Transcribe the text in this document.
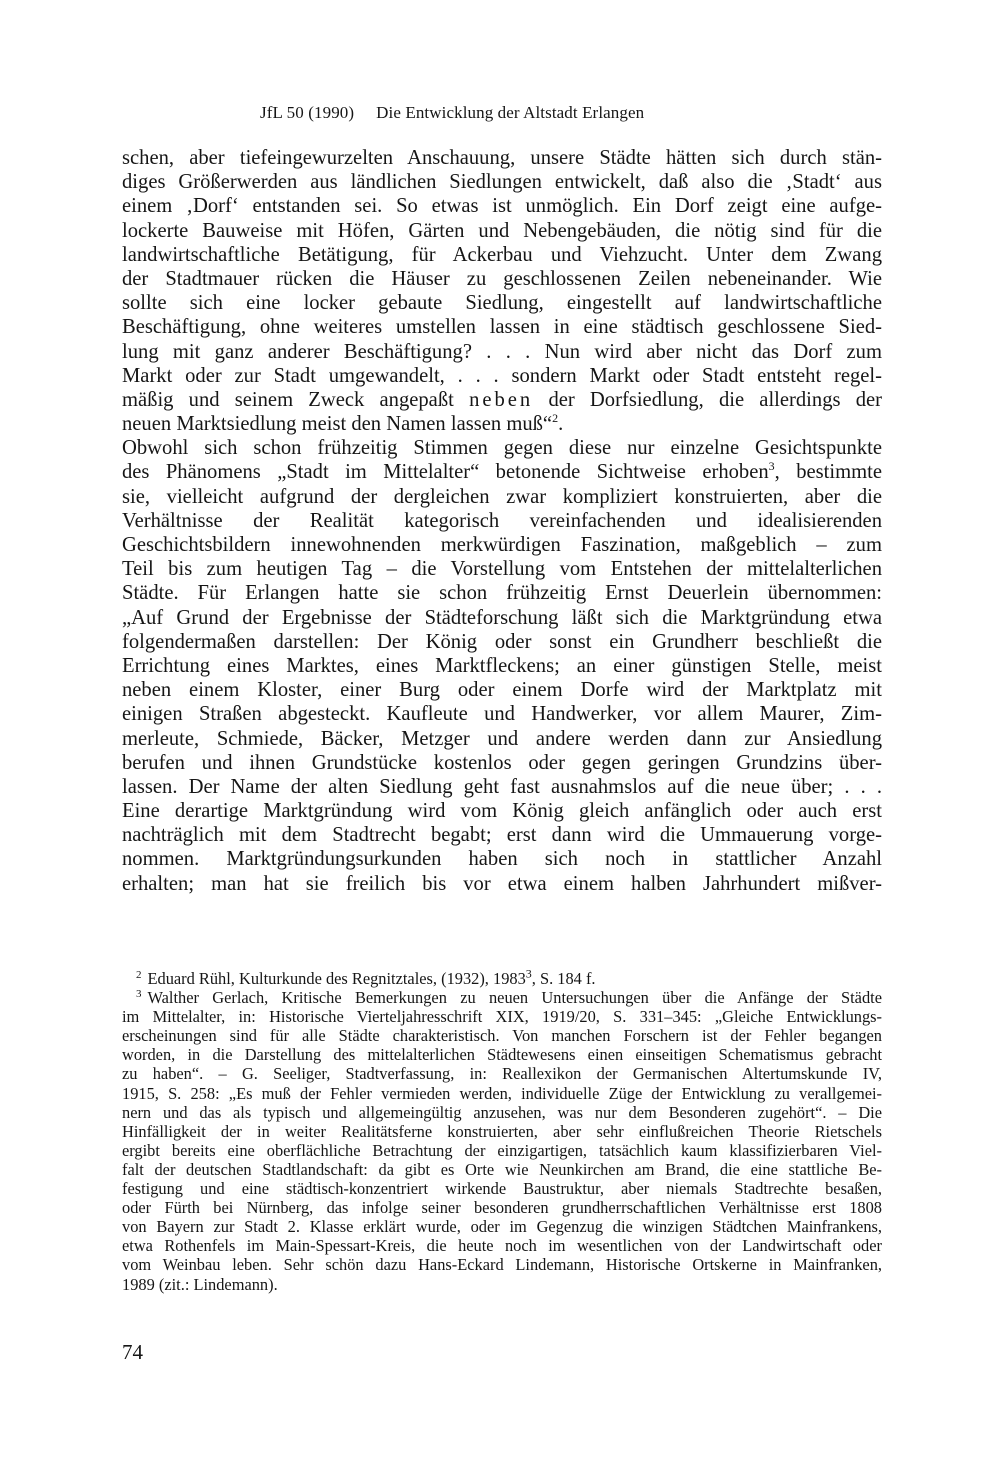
JfL 50 (1990) Die Entwicklung der Altstadt Erlangen
schen, aber tiefeingewurzelten Anschauung, unsere Städte hätten sich durch stän-
diges Größerwerden aus ländlichen Siedlungen entwickelt, daß also die ‚Stadt‘ aus
einem ‚Dorf‘ entstanden sei. So etwas ist unmöglich. Ein Dorf zeigt eine aufge-
lockerte Bauweise mit Höfen, Gärten und Nebengebäuden, die nötig sind für die
landwirtschaftliche Betätigung, für Ackerbau und Viehzucht. Unter dem Zwang
der Stadtmauer rücken die Häuser zu geschlossenen Zeilen nebeneinander. Wie
sollte sich eine locker gebaute Siedlung, eingestellt auf landwirtschaftliche
Beschäftigung, ohne weiteres umstellen lassen in eine städtisch geschlossene Sied-
lung mit ganz anderer Beschäftigung? . . . Nun wird aber nicht das Dorf zum
Markt oder zur Stadt umgewandelt, . . . sondern Markt oder Stadt entsteht regel-
mäßig und seinem Zweck angepaßt neben der Dorfsiedlung, die allerdings der
neuen Marktsiedlung meist den Namen lassen muß“$^2$.
Obwohl sich schon frühzeitig Stimmen gegen diese nur einzelne Gesichtspunkte
des Phänomens „Stadt im Mittelalter“ betonende Sichtweise erhoben$^3$, bestimmte
sie, vielleicht aufgrund der dergleichen zwar kompliziert konstruierten, aber die
Verhältnisse der Realität kategorisch vereinfachenden und idealisierenden
Geschichtsbildern innewohnenden merkwürdigen Faszination, maßgeblich – zum
Teil bis zum heutigen Tag – die Vorstellung vom Entstehen der mittelalterlichen
Städte. Für Erlangen hatte sie schon frühzeitig Ernst Deuerlein übernommen:
„Auf Grund der Ergebnisse der Städteforschung läßt sich die Marktgründung etwa
folgendermaßen darstellen: Der König oder sonst ein Grundherr beschließt die
Errichtung eines Marktes, eines Marktfleckens; an einer günstigen Stelle, meist
neben einem Kloster, einer Burg oder einem Dorfe wird der Marktplatz mit
einigen Straßen abgesteckt. Kaufleute und Handwerker, vor allem Maurer, Zim-
merleute, Schmiede, Bäcker, Metzger und andere werden dann zur Ansiedlung
berufen und ihnen Grundstücke kostenlos oder gegen geringen Grundzins über-
lassen. Der Name der alten Siedlung geht fast ausnahmslos auf die neue über; . . .
Eine derartige Marktgründung wird vom König gleich anfänglich oder auch erst
nachträglich mit dem Stadtrecht begabt; erst dann wird die Ummauerung vorge-
nommen. Marktgründungsurkunden haben sich noch in stattlicher Anzahl
erhalten; man hat sie freilich bis vor etwa einem halben Jahrhundert mißver-
$^2$ Eduard Rühl, Kulturkunde des Regnitztales, (1932), 1983$^3$, S. 184 f.
$^3$ Walther Gerlach, Kritische Bemerkungen zu neuen Untersuchungen über die Anfänge der Städte
im Mittelalter, in: Historische Vierteljahresschrift XIX, 1919/20, S. 331–345: „Gleiche Entwicklungs-
erscheinungen sind für alle Städte charakteristisch. Von manchen Forschern ist der Fehler begangen
worden, in die Darstellung des mittelalterlichen Städtewesens einen einseitigen Schematismus gebracht
zu haben“. – G. Seeliger, Stadtverfassung, in: Reallexikon der Germanischen Altertumskunde IV,
1915, S. 258: „Es muß der Fehler vermieden werden, individuelle Züge der Entwicklung zu verallgemei-
nern und das als typisch und allgemeingültig anzusehen, was nur dem Besonderen zugehört“. – Die
Hinfälligkeit der in weiter Realitätsferne konstruierten, aber sehr einflußreichen Theorie Rietschels
ergibt bereits eine oberflächliche Betrachtung der einzigartigen, tatsächlich kaum klassifizierbaren Viel-
falt der deutschen Stadtlandschaft: da gibt es Orte wie Neunkirchen am Brand, die eine stattliche Be-
festigung und eine städtisch-konzentriert wirkende Baustruktur, aber niemals Stadtrechte besaßen,
oder Fürth bei Nürnberg, das infolge seiner besonderen grundherrschaftlichen Verhältnisse erst 1808
von Bayern zur Stadt 2. Klasse erklärt wurde, oder im Gegenzug die winzigen Städtchen Mainfrankens,
etwa Rothenfels im Main-Spessart-Kreis, die heute noch im wesentlichen von der Landwirtschaft oder
vom Weinbau leben. Sehr schön dazu Hans-Eckard Lindemann, Historische Ortskerne in Mainfranken,
1989 (zit.: Lindemann).
74
